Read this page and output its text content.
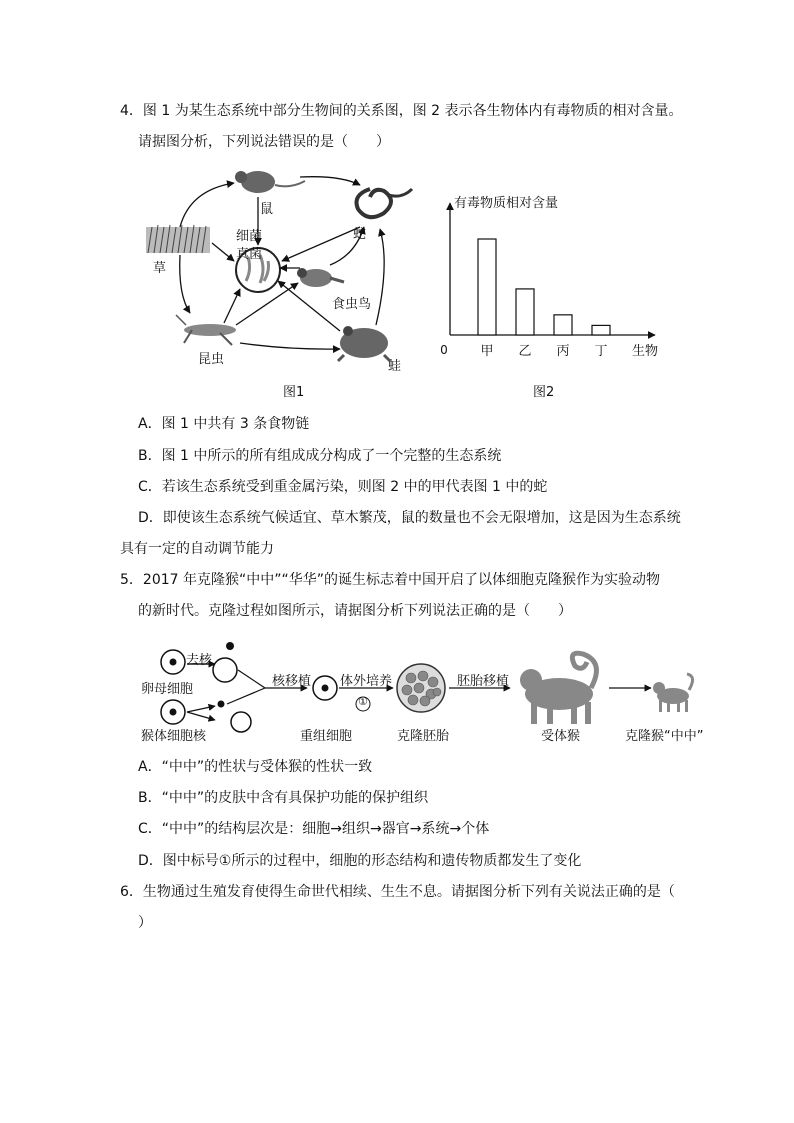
4．图 1 为某生态系统中部分生物间的关系图，图 2 表示各生物体内有毒物质的相对含量。
请据图分析，下列说法错误的是（　　）
鼠
蛇
细菌
真菌
草
食虫鸟
昆虫	蛙
图1
有毒物质相对含量
0	生物
甲 乙 丙 丁
图2
A．图 1 中共有 3 条食物链
B．图 1 中所示的所有组成成分构成了一个完整的生态系统
C．若该生态系统受到重金属污染，则图 2 中的甲代表图 1 中的蛇
D．即使该生态系统气候适宜、草木繁茂，鼠的数量也不会无限增加，这是因为生态系统
具有一定的自动调节能力
5．2017 年克隆猴“中中”“华华”的诞生标志着中国开启了以体细胞克隆猴作为实验动物
的新时代。克隆过程如图所示，请据图分析下列说法正确的是（　　）
去核
卵母细胞
猴体细胞核
核移植
重组细胞
体外培养
①
克隆胚胎
胚胎移植
受体猴	克隆猴“中中”
A．“中中”的性状与受体猴的性状一致
B．“中中”的皮肤中含有具保护功能的保护组织
C．“中中”的结构层次是：细胞→组织→器官→系统→个体
D．图中标号①所示的过程中，细胞的形态结构和遗传物质都发生了变化
6．生物通过生殖发育使得生命世代相续、生生不息。请据图分析下列有关说法正确的是（
）
